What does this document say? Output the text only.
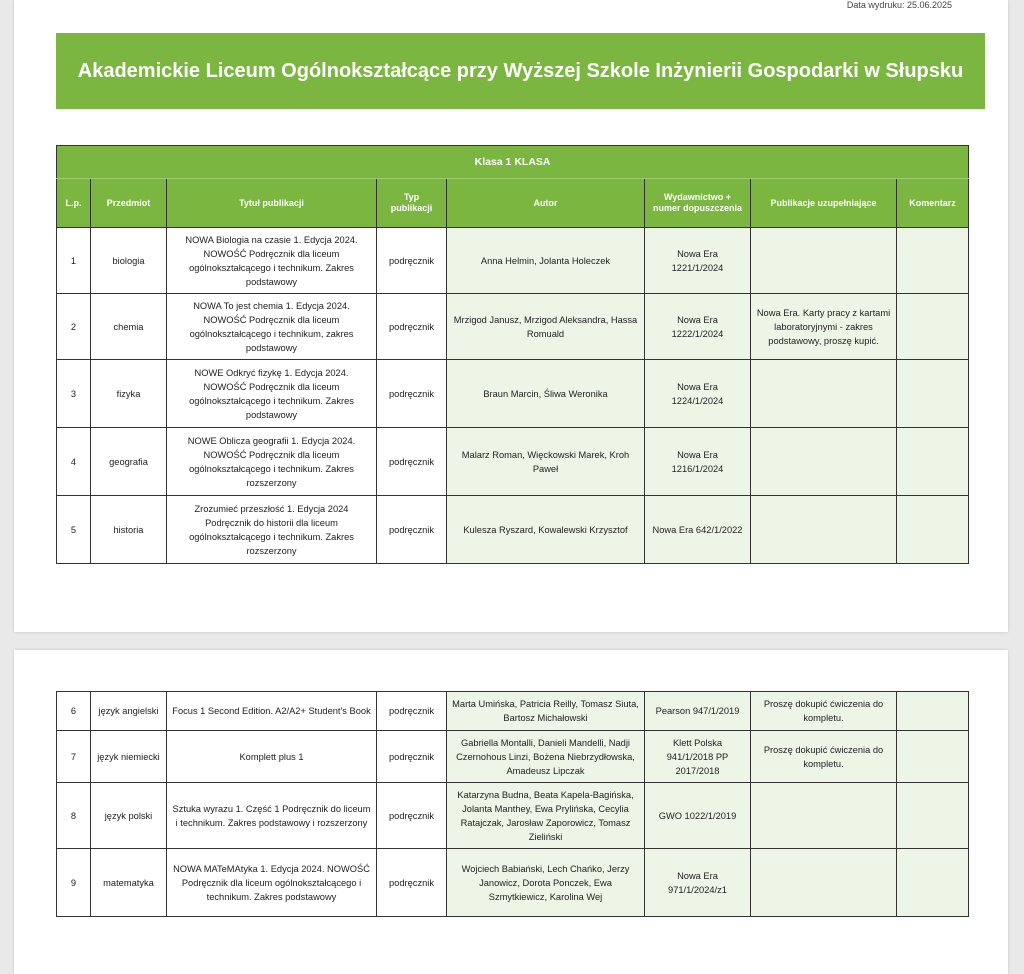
Data wydruku: 25.06.2025
Akademickie Liceum Ogólnokształcące przy Wyższej Szkole Inżynierii Gospodarki w Słupsku
Klasa 1 KLASA							
L.p.	Przedmiot	Tytuł publikacji	Typ publikacji	Autor	Wydawnictwo + numer dopuszczenia	Publikacje uzupełniające	Komentarz
1	biologia	NOWA Biologia na czasie 1. Edycja 2024. NOWOŚĆ Podręcznik dla liceum ogólnokształcącego i technikum. Zakres podstawowy	podręcznik	Anna Helmin, Jolanta Holeczek	Nowa Era 1221/1/2024		
2	chemia	NOWA To jest chemia 1. Edycja 2024. NOWOŚĆ Podręcznik dla liceum ogólnokształcącego i technikum, zakres podstawowy	podręcznik	Mrzigod Janusz, Mrzigod Aleksandra, Hassa Romuald	Nowa Era 1222/1/2024	Nowa Era. Karty pracy z kartami laboratoryjnymi - zakres podstawowy, proszę kupić.	
3	fizyka	NOWE Odkryć fizykę 1. Edycja 2024. NOWOŚĆ Podręcznik dla liceum ogólnokształcącego i technikum. Zakres podstawowy	podręcznik	Braun Marcin, Śliwa Weronika	Nowa Era 1224/1/2024		
4	geografia	NOWE Oblicza geografii 1. Edycja 2024. NOWOŚĆ Podręcznik dla liceum ogólnokształcącego i technikum. Zakres rozszerzony	podręcznik	Malarz Roman, Więckowski Marek, Kroh Paweł	Nowa Era 1216/1/2024		
5	historia	Zrozumieć przeszłość 1. Edycja 2024 Podręcznik do historii dla liceum ogólnokształcącego i technikum. Zakres rozszerzony	podręcznik	Kulesza Ryszard, Kowalewski Krzysztof	Nowa Era 642/1/2022		
6	język angielski	Focus 1 Second Edition. A2/A2+ Student's Book	podręcznik	Marta Umińska, Patricia Reilly, Tomasz Siuta, Bartosz Michałowski	Pearson 947/1/2019	Proszę dokupić ćwiczenia do kompletu.	
7	język niemiecki	Komplett plus 1	podręcznik	Gabriella Montalli, Danieli Mandelli, Nadji Czernohous Linzi, Bożena Niebrzydłowska, Amadeusz Lipczak	Klett Polska 941/1/2018 PP 2017/2018	Proszę dokupić ćwiczenia do kompletu.	
8	język polski	Sztuka wyrazu 1. Część 1 Podręcznik do liceum i technikum. Zakres podstawowy i rozszerzony	podręcznik	Katarzyna Budna, Beata Kapela-Bagińska, Jolanta Manthey, Ewa Prylińska, Cecylia Ratajczak, Jarosław Zaporowicz, Tomasz Zieliński	GWO 1022/1/2019		
9	matematyka	NOWA MATeMAtyka 1. Edycja 2024. NOWOŚĆ Podręcznik dla liceum ogólnokształcącego i technikum. Zakres podstawowy	podręcznik	Wojciech Babiański, Lech Chańko, Jerzy Janowicz, Dorota Ponczek, Ewa Szmytkiewicz, Karolina Wej	Nowa Era 971/1/2024/z1		
